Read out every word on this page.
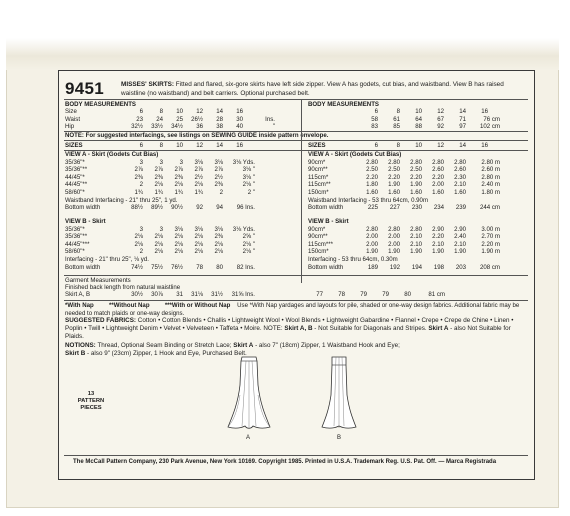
9451	MISSES' SKIRTS: Fitted and flared, six-gore skirts have left side zipper. View A has godets, cut bias, and waistband. View B has raised waistline (no waistband) and belt carriers. Optional purchased belt.
BODY MEASUREMENTS	BODY MEASUREMENTS
Size	6	8	10	12	14	16
Waist	23	24	25	26½	28	30	Ins.
Hip	32½	33½	34½	36	38	40	"
6	8	10	12	14	16
58	61	64	67	71	76 cm
83	85	88	92	97	102 cm
NOTE: For suggested interfacings, see listings on SEWING GUIDE inside pattern envelope.
SIZES	6	8	10	12	14	16	SIZES	6	8	10	12	14	16
VIEW A - Skirt (Godets Cut Bias)
35/36"*	3	3	3	3⅛	3⅛	3⅛ Yds.
35/36"**	2⅞	2⅞	2⅞	2⅞	2⅞	3⅛ "
44/45"*	2⅜	2⅜	2⅜	2½	2½	3⅛ "
44/45"**	2	2⅛	2⅛	2⅛	2⅜	2⅛ "
58/60"*	1¾	1¾	1¾	1¾	2	2 "
Waistband Interfacing - 21" thru 25", 1 yd.
Bottom width	88½	89½	90½	92	94	96 Ins.
VIEW A - Skirt (Godets Cut Bias)
90cm*	2.80	2.80	2.80	2.80	2.80	2.80 m
90cm**	2.50	2.50	2.50	2.60	2.60	2.60 m
115cm*	2.20	2.20	2.20	2.20	2.30	2.80 m
115cm**	1.80	1.90	1.90	2.00	2.10	2.40 m
150cm*	1.60	1.60	1.60	1.60	1.60	1.80 m
Waistband Interfacing - 53 thru 64cm, 0.90m
Bottom width	225	227	230	234	239	244 cm
VIEW B - Skirt
35/36"*	3	3	3⅛	3⅛	3⅛	3⅛ Yds.
35/36"**	2⅛	2⅛	2⅛	2⅛	2⅜	2⅝ "
44/45"***	2⅛	2⅛	2⅛	2⅛	2⅛	2⅛ "
58/60"*	2	2⅛	2⅛	2⅛	2⅛	2⅛ "
Interfacing - 21" thru 25", ⅛ yd.
Bottom width	74½	75½	76½	78	80	82 Ins.
VIEW B - Skirt
90cm*	2.80	2.80	2.80	2.90	2.90	3.00 m
90cm**	2.00	2.00	2.10	2.20	2.40	2.70 m
115cm***	2.00	2.00	2.10	2.10	2.10	2.20 m
150cm*	1.90	1.90	1.90	1.90	1.90	1.90 m
Interfacing - 53 thru 64cm, 0.30m
Bottom width	189	192	194	198	203	208 cm
Garment Measurements
Finished back length from natural waistline
Skirt A, B	30½	30⅞	31	31⅛	31½	31⅝ Ins.	77	78	79	79	80	81 cm
*With Nap	**Without Nap	***With or Without Nap Use *With Nap yardages and layouts for pile, shaded or one-way design fabrics. Additional fabric may be needed to match plaids or one-way designs.
SUGGESTED FABRICS: Cotton • Cotton Blends • Challis • Lightweight Wool • Wool Blends • Lightweight Gabardine • Flannel • Crepe • Crepe de Chine • Linen • Poplin • Twill • Lightweight Denim • Velvet • Velveteen • Taffeta • Moire. NOTE: Skirt A, B - Not Suitable for Diagonals and Stripes. Skirt A - also Not Suitable for Plaids.
NOTIONS: Thread, Optional Seam Binding or Stretch Lace; Skirt A - also 7" (18cm) Zipper, 1 Waistband Hook and Eye;
Skirt B - also 9" (23cm) Zipper, 1 Hook and Eye, Purchased Belt.
13
PATTERN
PIECES
A	B
The McCall Pattern Company, 230 Park Avenue, New York 10169. Copyright 1985. Printed in U.S.A. Trademark Reg. U.S. Pat. Off. — Marca Registrada
